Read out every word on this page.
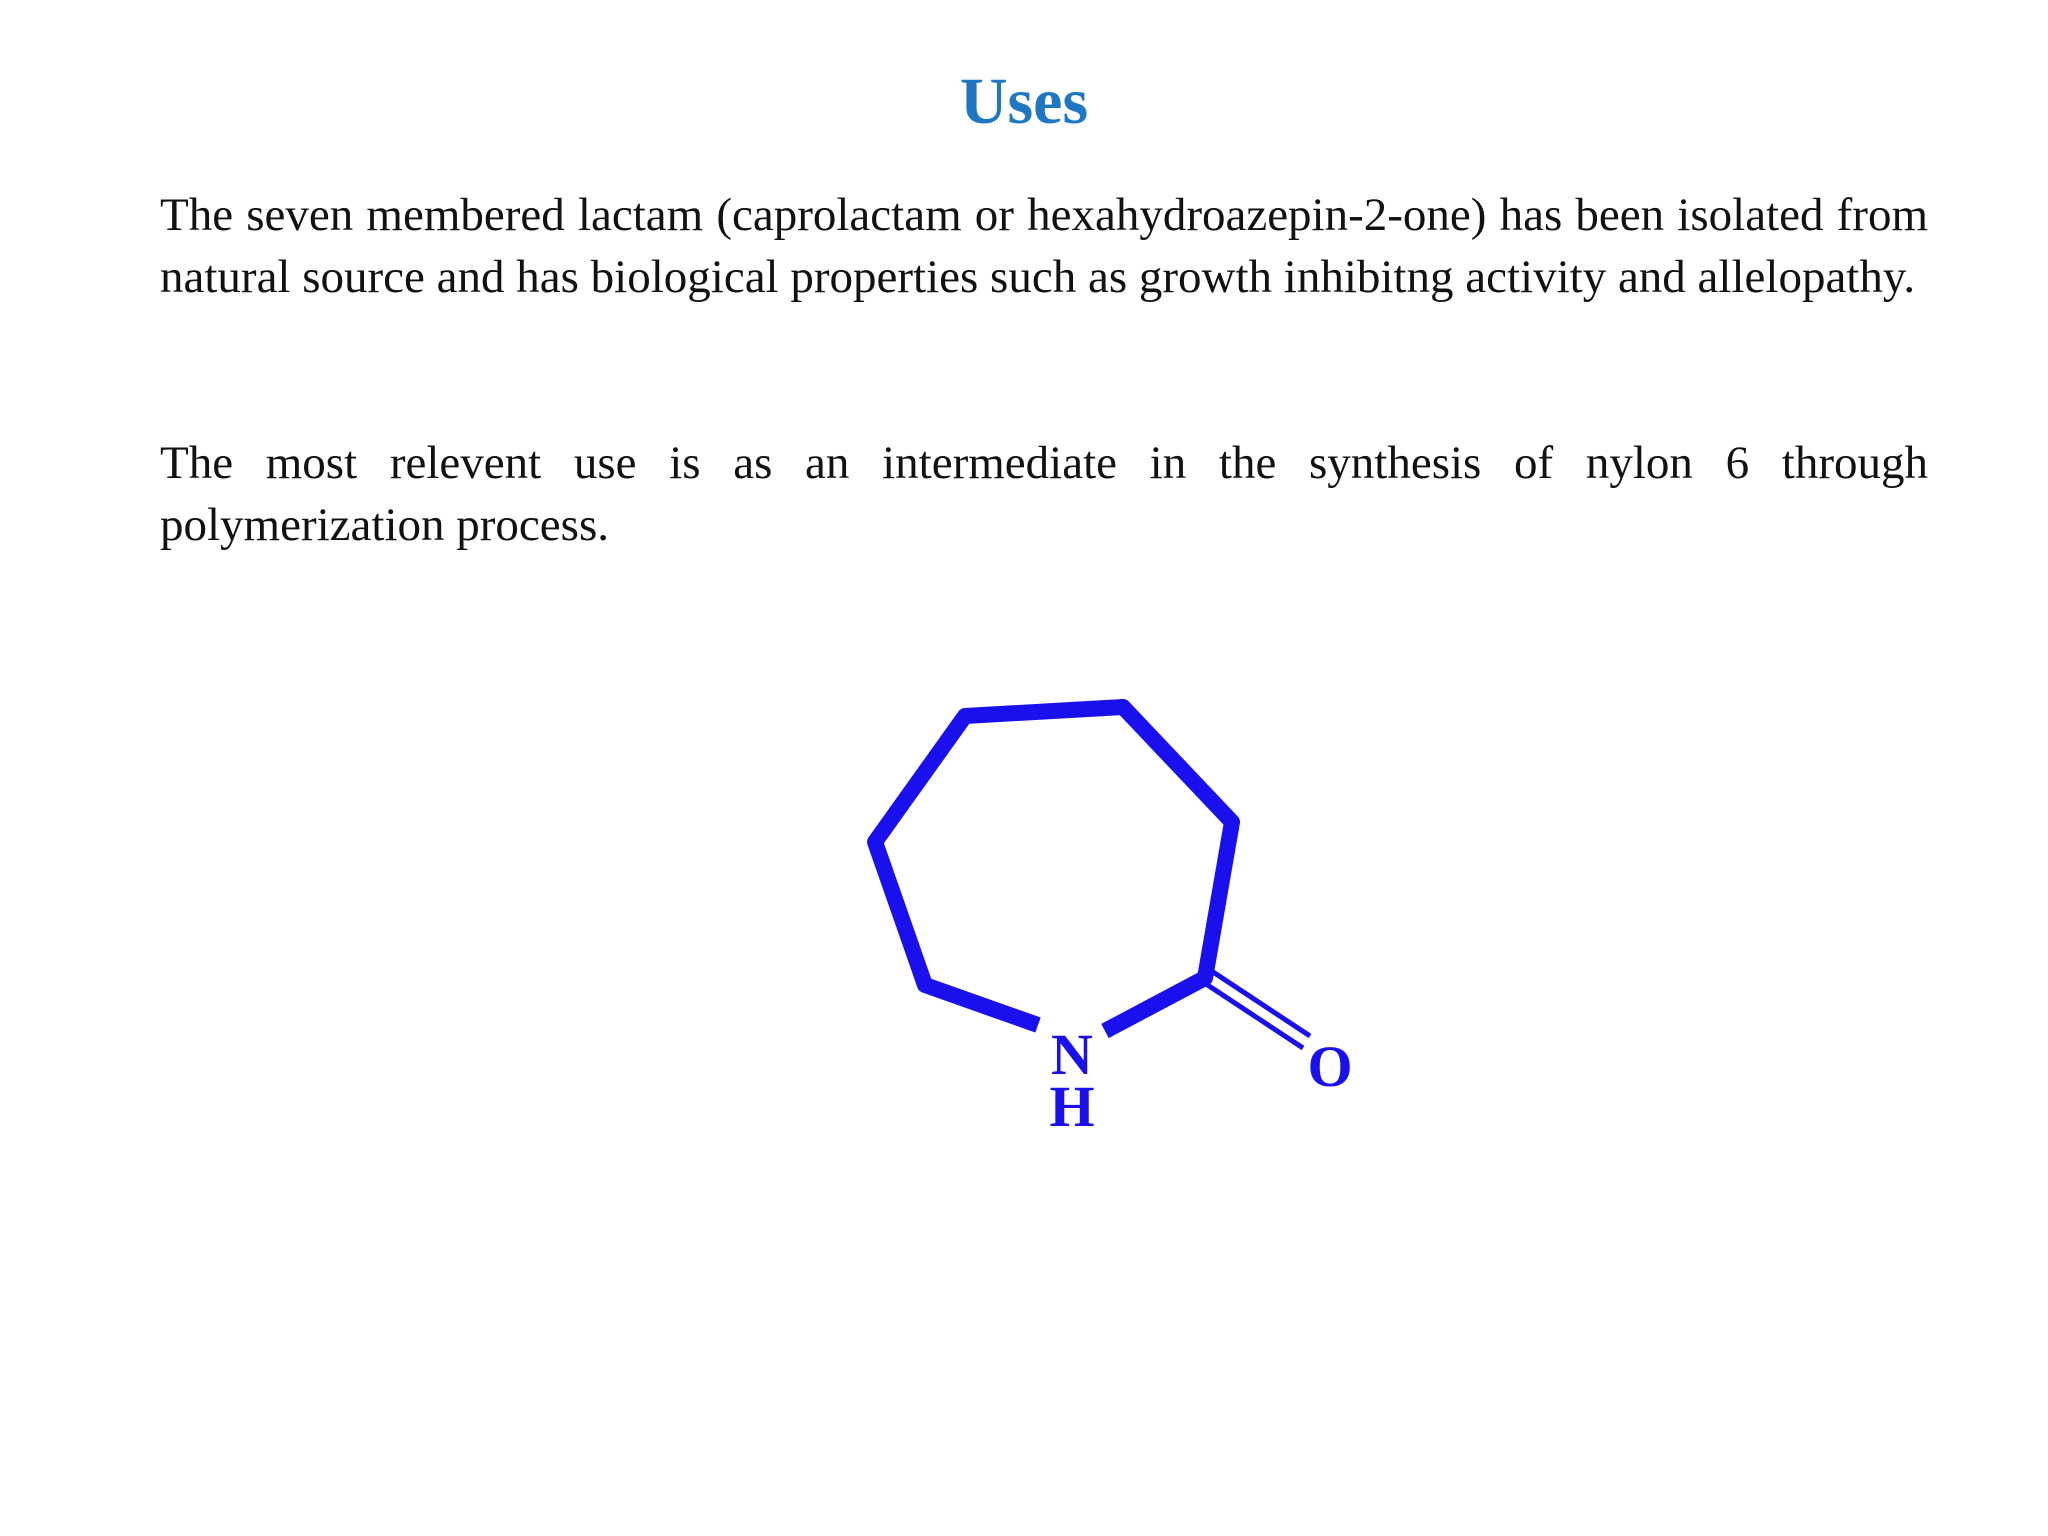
Uses

The seven membered lactam (caprolactam or hexahydroazepin-2-one) has been isolated from natural source and has biological properties such as growth inhibitng activity and allelopathy.

The most relevent use is as an intermediate in the synthesis of nylon 6 through polymerization process.

N
H
O
